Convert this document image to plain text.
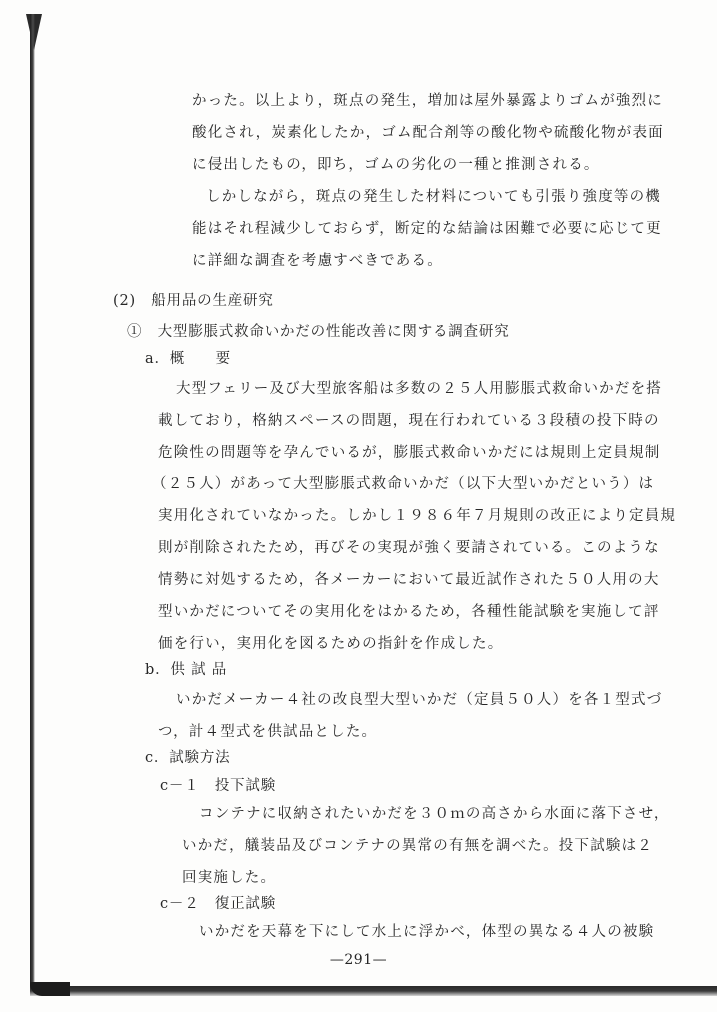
かった。以上より，斑点の発生，増加は屋外暴露よりゴムが強烈に
酸化され，炭素化したか，ゴム配合剤等の酸化物や硫酸化物が表面
に侵出したもの，即ち，ゴムの劣化の一種と推測される。
しかしながら，斑点の発生した材料についても引張り強度等の機
能はそれ程減少しておらず，断定的な結論は困難で必要に応じて更
に詳細な調査を考慮すべきである。
(2)　船用品の生産研究
①　大型膨脹式救命いかだの性能改善に関する調査研究
a．概　　要
大型フェリー及び大型旅客船は多数の２５人用膨脹式救命いかだを搭
載しており，格納スペースの問題，現在行われている３段積の投下時の
危険性の問題等を孕んでいるが，膨脹式救命いかだには規則上定員規制
（２５人）があって大型膨脹式救命いかだ（以下大型いかだという）は
実用化されていなかった。しかし１９８６年７月規則の改正により定員規
則が削除されたため，再びその実現が強く要請されている。このような
情勢に対処するため，各メーカーにおいて最近試作された５０人用の大
型いかだについてその実用化をはかるため，各種性能試験を実施して評
価を行い，実用化を図るための指針を作成した。
b．供 試 品
いかだメーカー４社の改良型大型いかだ（定員５０人）を各１型式づ
つ，計４型式を供試品とした。
c．試験方法
c－１　投下試験
コンテナに収納されたいかだを３０ｍの高さから水面に落下させ，
いかだ，艤装品及びコンテナの異常の有無を調べた。投下試験は２
回実施した。
c－２　復正試験
いかだを天幕を下にして水上に浮かべ，体型の異なる４人の被験
—291—
